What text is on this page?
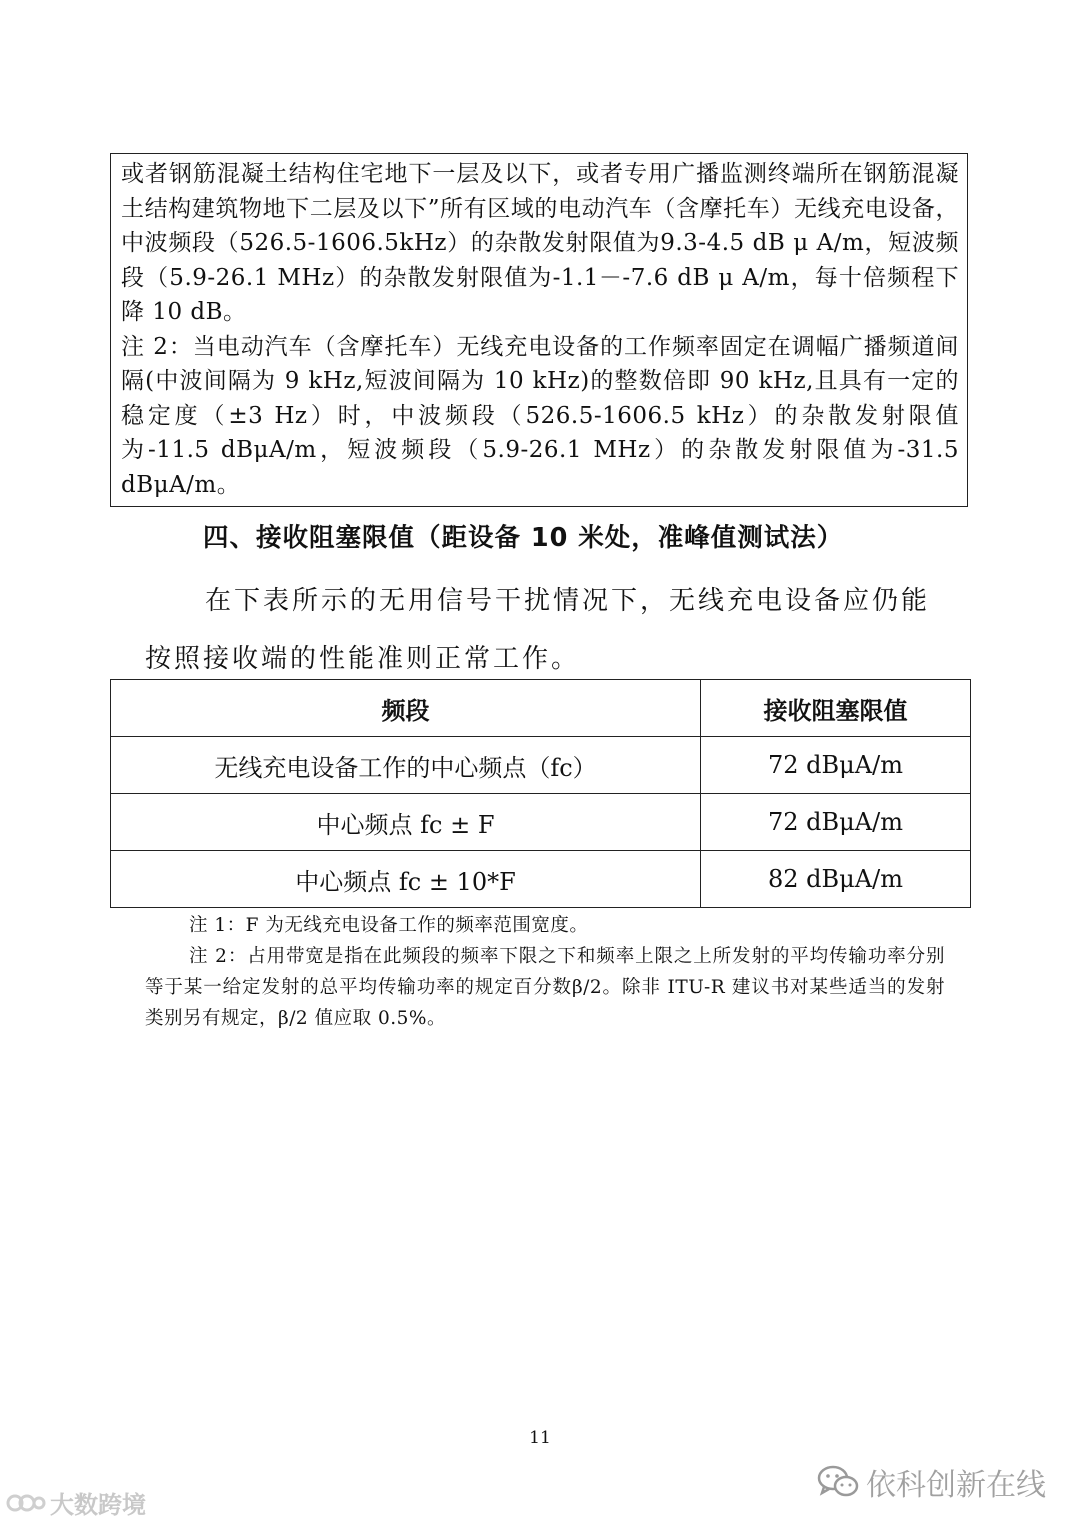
或者钢筋混凝土结构住宅地下一层及以下，或者专用广播监测终端所在钢筋混凝土结构建筑物地下二层及以下”所有区域的电动汽车（含摩托车）无线充电设备，中波频段（526.5-1606.5kHz）的杂散发射限值为9.3-4.5 dB μ A/m，短波频段（5.9-26.1 MHz）的杂散发射限值为-1.1－-7.6 dB μ A/m，每十倍频程下降 10 dB。

注 2：当电动汽车（含摩托车）无线充电设备的工作频率固定在调幅广播频道间隔(中波间隔为 9 kHz,短波间隔为 10 kHz)的整数倍即 90 kHz,且具有一定的稳定度（±3 Hz）时，中波频段（526.5-1606.5 kHz）的杂散发射限值为-11.5 dBμA/m，短波频段（5.9-26.1 MHz）的杂散发射限值为-31.5 dBμA/m。

四、接收阻塞限值（距设备 10 米处，准峰值测试法）

在下表所示的无用信号干扰情况下，无线充电设备应仍能
按照接收端的性能准则正常工作。

频段	接收阻塞限值
无线充电设备工作的中心频点（fc）	72 dBμA/m
中心频点 fc ± F	72 dBμA/m
中心频点 fc ± 10*F	82 dBμA/m

注 1：F 为无线充电设备工作的频率范围宽度。

注 2：占用带宽是指在此频段的频率下限之下和频率上限之上所发射的平均传输功率分别等于某一给定发射的总平均传输功率的规定百分数β/2。除非 ITU-R 建议书对某些适当的发射类别另有规定，β/2 值应取 0.5%。

11
大数跨境
依科创新在线
